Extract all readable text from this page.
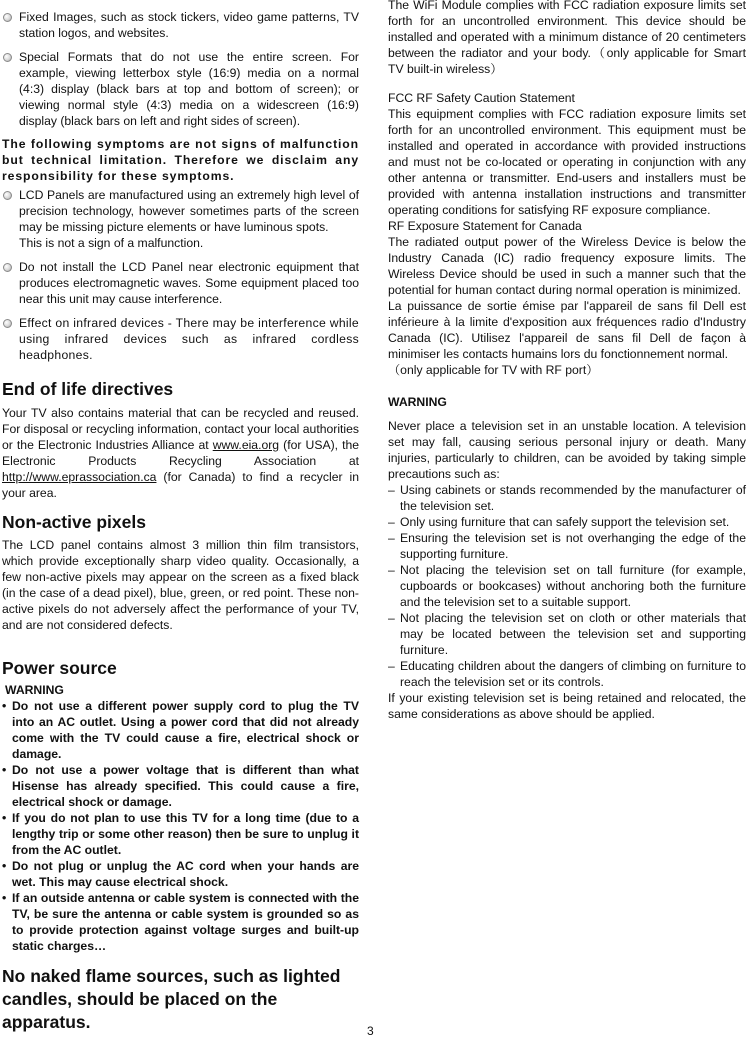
Fixed Images, such as stock tickers, video game patterns, TV station logos, and websites.
Special Formats that do not use the entire screen. For example, viewing letterbox style (16:9) media on a normal (4:3) display (black bars at top and bottom of screen); or viewing normal style (4:3) media on a widescreen (16:9) display (black bars on left and right sides of screen).

The following symptoms are not signs of malfunction but technical limitation. Therefore we disclaim any responsibility for these symptoms.

LCD Panels are manufactured using an extremely high level of precision technology, however sometimes parts of the screen may be missing picture elements or have luminous spots.
This is not a sign of a malfunction.
Do not install the LCD Panel near electronic equipment that produces electromagnetic waves. Some equipment placed too near this unit may cause interference.
Effect on infrared devices - There may be interference while using infrared devices such as infrared cordless headphones.
End of life directives

Your TV also contains material that can be recycled and reused. For disposal or recycling information, contact your local authorities or the Electronic Industries Alliance at www.eia.org (for USA), the Electronic Products Recycling Association at http://www.eprassociation.ca (for Canada) to find a recycler in your area.

Non-active pixels

The LCD panel contains almost 3 million thin film transistors, which provide exceptionally sharp video quality. Occasionally, a few non-active pixels may appear on the screen as a fixed black (in the case of a dead pixel), blue, green, or red point. These non-active pixels do not adversely affect the performance of your TV, and are not considered defects.

Power source
WARNING
• Do not use a different power supply cord to plug the TV into an AC outlet. Using a power cord that did not already come with the TV could cause a fire, electrical shock or damage.
• Do not use a power voltage that is different than what Hisense has already specified. This could cause a fire, electrical shock or damage.
• If you do not plan to use this TV for a long time (due to a lengthy trip or some other reason) then be sure to unplug it from the AC outlet.
• Do not plug or unplug the AC cord when your hands are wet. This may cause electrical shock.
• If an outside antenna or cable system is connected with the TV, be sure the antenna or cable system is grounded so as to provide protection against voltage surges and built-up static charges…

No naked flame sources, such as lighted candles, should be placed on the apparatus.

The WiFi Module complies with FCC radiation exposure limits set forth for an uncontrolled environment. This device should be installed and operated with a minimum distance of 20 centimeters between the radiator and your body.（only applicable for Smart TV built-in wireless）

FCC RF Safety Caution Statement

This equipment complies with FCC radiation exposure limits set forth for an uncontrolled environment. This equipment must be installed and operated in accordance with provided instructions and must not be co-located or operating in conjunction with any other antenna or transmitter. End-users and installers must be provided with antenna installation instructions and transmitter operating conditions for satisfying RF exposure compliance.

RF Exposure Statement for Canada

The radiated output power of the Wireless Device is below the Industry Canada (IC) radio frequency exposure limits. The Wireless Device should be used in such a manner such that the potential for human contact during normal operation is minimized.

La puissance de sortie émise par l'appareil de sans fil Dell est inférieure à la limite d'exposition aux fréquences radio d'Industry Canada (IC). Utilisez l'appareil de sans fil Dell de façon à minimiser les contacts humains lors du fonctionnement normal.

（only applicable for TV with RF port）

WARNING

Never place a television set in an unstable location. A television set may fall, causing serious personal injury or death. Many injuries, particularly to children, can be avoided by taking simple precautions such as:

– Using cabinets or stands recommended by the manufacturer of the television set.
– Only using furniture that can safely support the television set.
– Ensuring the television set is not overhanging the edge of the supporting furniture.
– Not placing the television set on tall furniture (for example, cupboards or bookcases) without anchoring both the furniture and the television set to a suitable support.
– Not placing the television set on cloth or other materials that may be located between the television set and supporting furniture.
– Educating children about the dangers of climbing on furniture to reach the television set or its controls.

If your existing television set is being retained and relocated, the same considerations as above should be applied.

3
